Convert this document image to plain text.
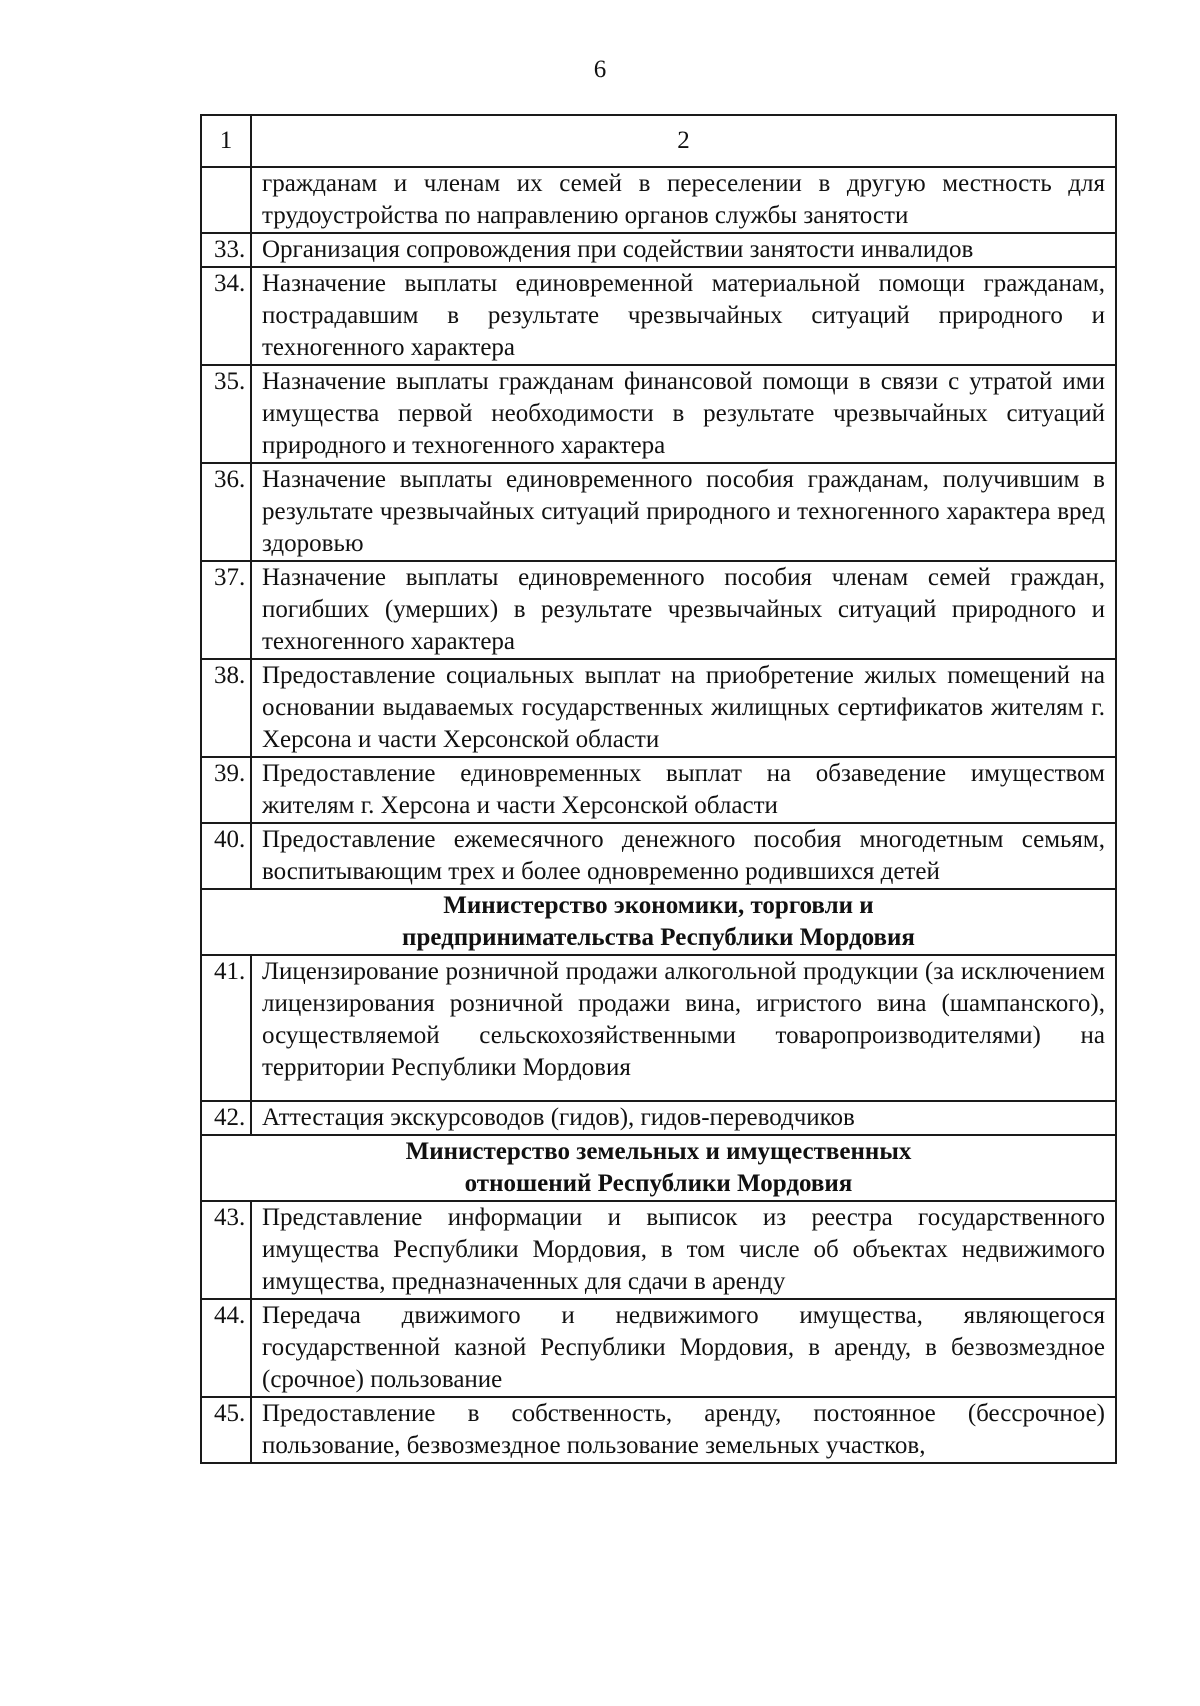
6
1	2
	гражданам и членам их семей в переселении в другую местность для трудоустройства по направлению органов службы занятости
33.	Организация сопровождения при содействии занятости инвалидов
34.	Назначение выплаты единовременной материальной помощи гражданам, пострадавшим в результате чрезвычайных ситуаций природного и техногенного характера
35.	Назначение выплаты гражданам финансовой помощи в связи с утратой ими имущества первой необходимости в результате чрезвычайных ситуаций природного и техногенного характера
36.	Назначение выплаты единовременного пособия гражданам, получившим в результате чрезвычайных ситуаций природного и техногенного характера вред здоровью
37.	Назначение выплаты единовременного пособия членам семей граждан, погибших (умерших) в результате чрезвычайных ситуаций природного и техногенного характера
38.	Предоставление социальных выплат на приобретение жилых помещений на основании выдаваемых государственных жилищных сертификатов жителям г. Херсона и части Херсонской области
39.	Предоставление единовременных выплат на обзаведение имуществом жителям г. Херсона и части Херсонской области
40.	Предоставление ежемесячного денежного пособия многодетным семьям, воспитывающим трех и более одновременно родившихся детей

Министерство экономики, торговли и
предпринимательства Республики Мордовия	

41.	Лицензирование розничной продажи алкогольной продукции (за исключением лицензирования розничной продажи вина, игристого вина (шампанского), осуществляемой сельскохозяйственными товаропроизводителями) на территории Республики Мордовия
42.	Аттестация экскурсоводов (гидов), гидов-переводчиков

Министерство земельных и имущественных
отношений Республики Мордовия	

43.	Представление информации и выписок из реестра государственного имущества Республики Мордовия, в том числе об объектах недвижимого имущества, предназначенных для сдачи в аренду
44.	Передача движимого и недвижимого имущества, являющегося государственной казной Республики Мордовия, в аренду, в безвозмездное (срочное) пользование
45.	Предоставление в собственность, аренду, постоянное (бессрочное) пользование, безвозмездное пользование земельных участков,
